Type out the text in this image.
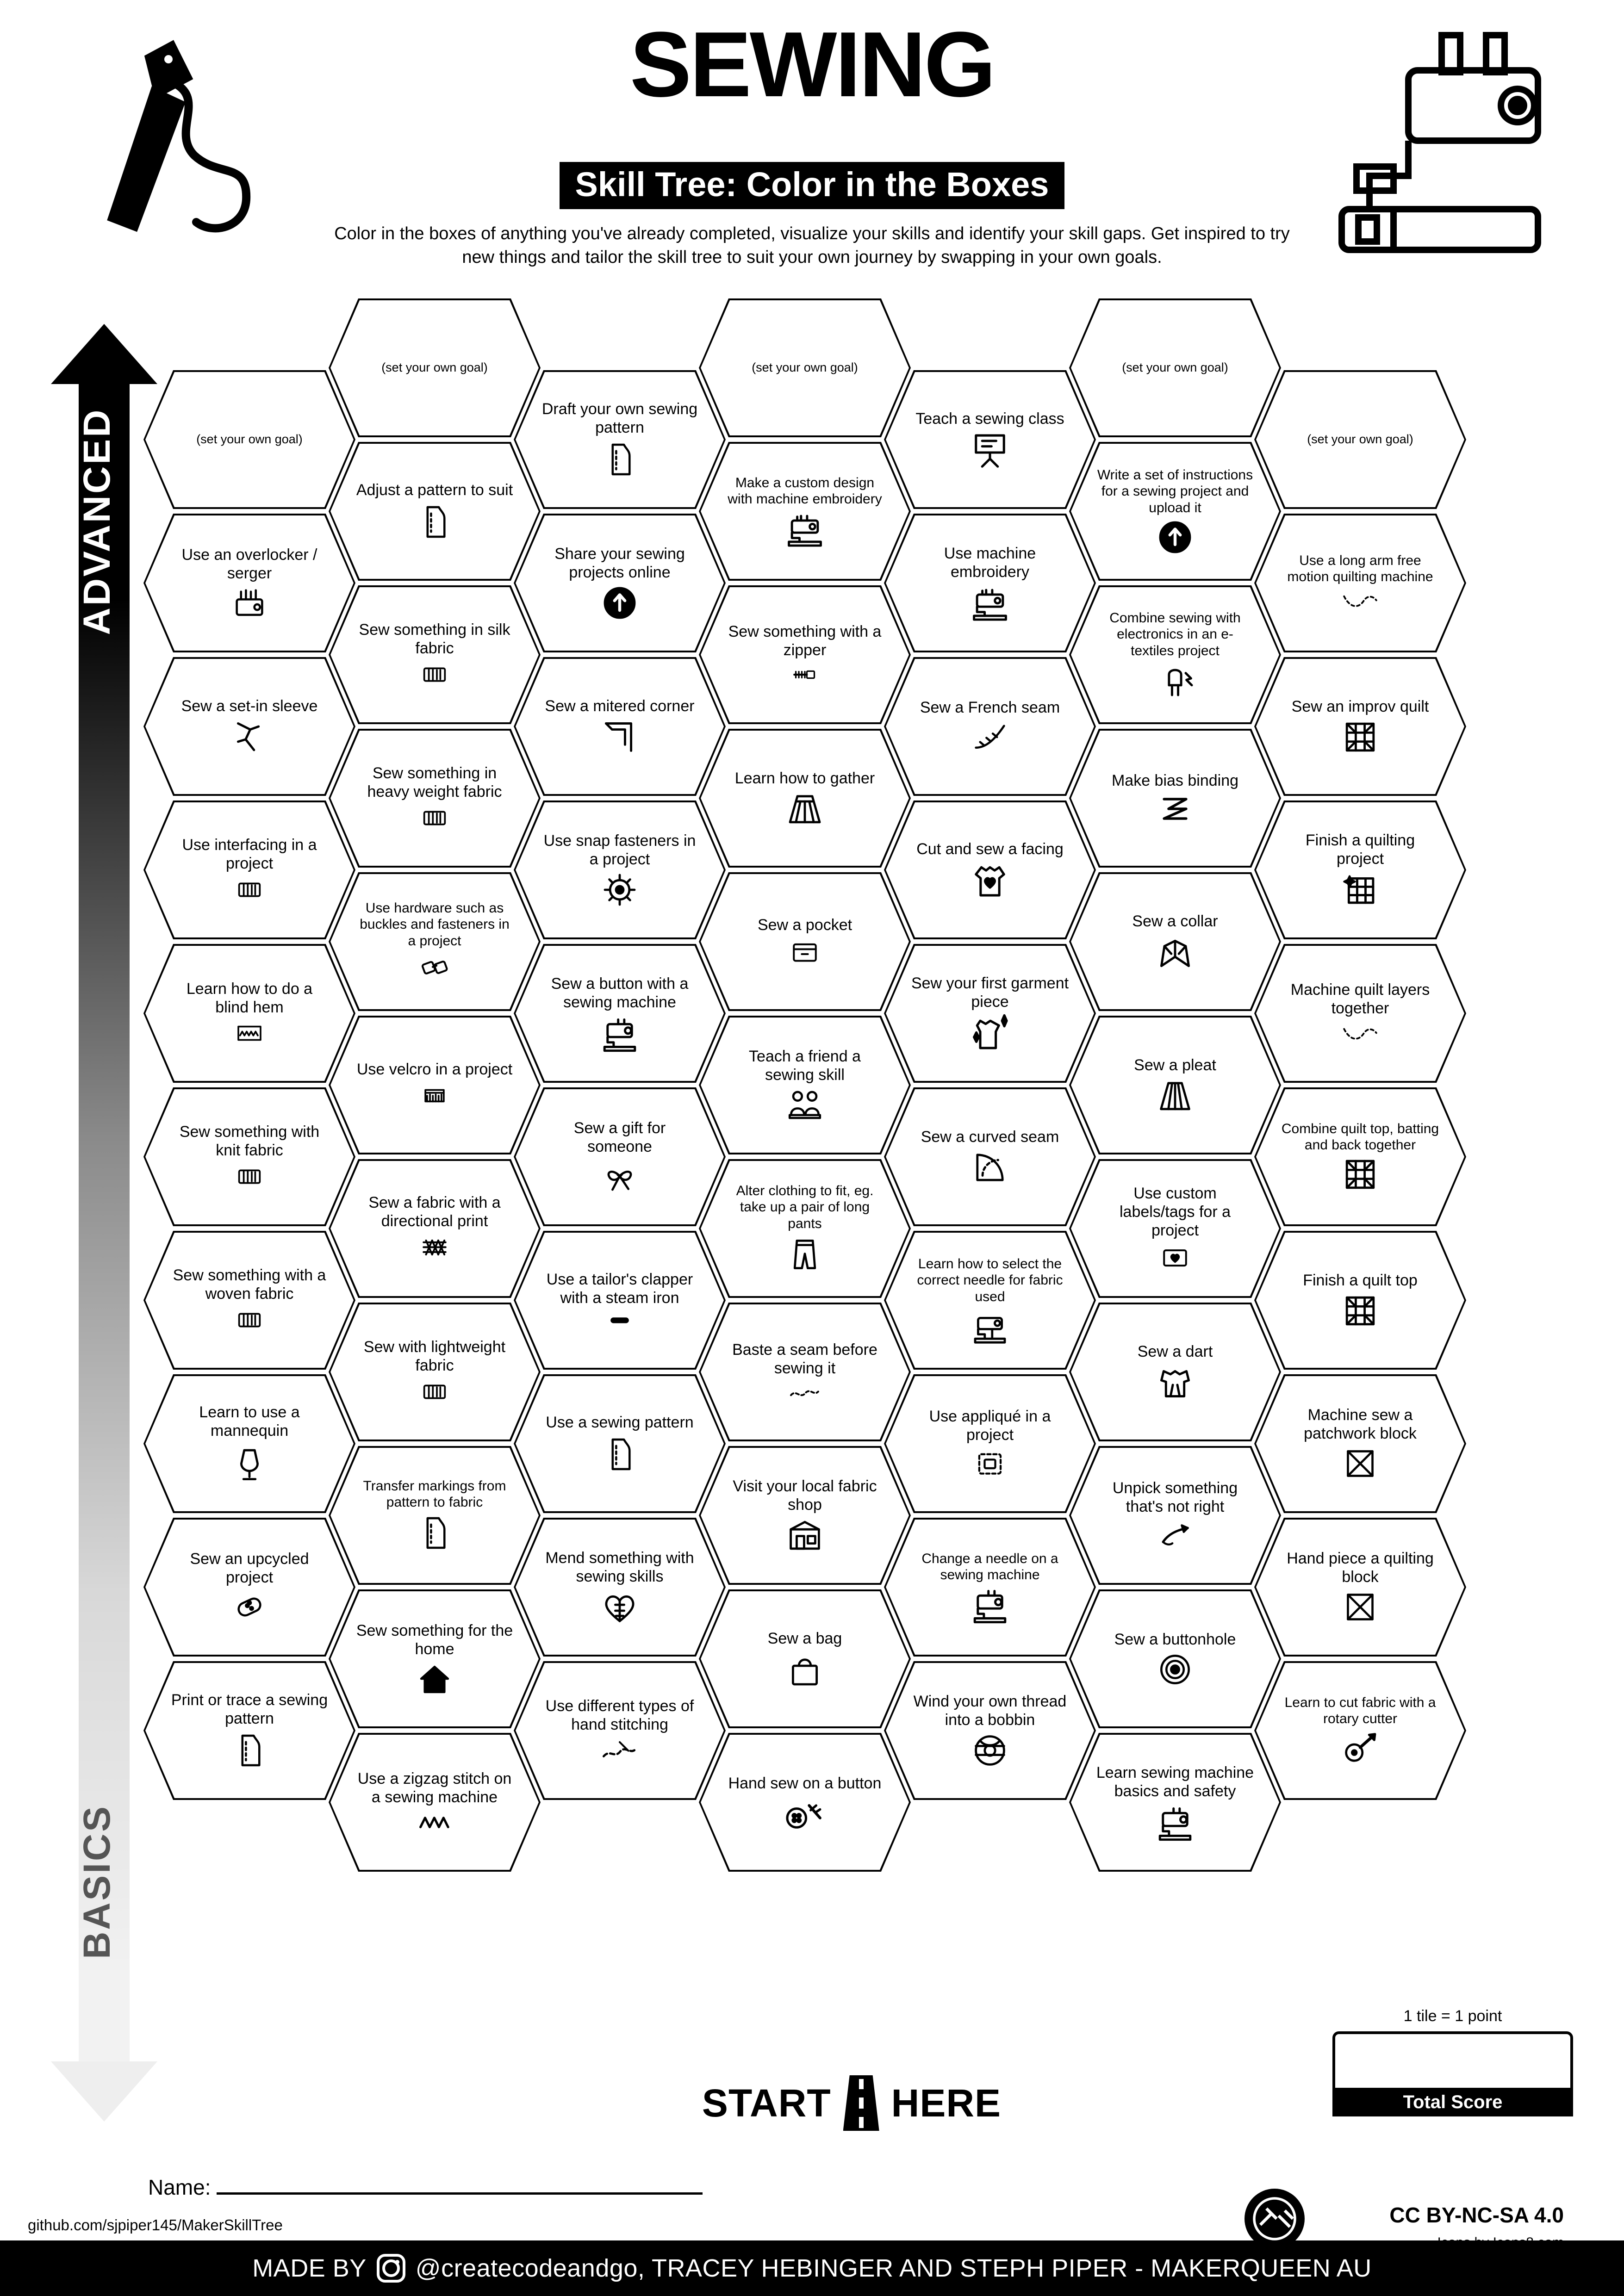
SEWING
Skill Tree: Color in the Boxes
Color in the boxes of anything you've already completed, visualize your skills and identify your skill gaps. Get inspired to try new things and tailor the skill tree to suit your own journey by swapping in your own goals.
ADVANCED
BASICS
(set your own goal)
Use an overlocker / serger
Sew a set-in sleeve
Use interfacing in a project
Learn how to do a blind hem
Sew something with knit fabric
Sew something with a woven fabric
Learn to use a mannequin
Sew an upcycled project
Print or trace a sewing pattern
(set your own goal)
Adjust a pattern to suit
Sew something in silk fabric
Sew something in heavy weight fabric
Use hardware such as buckles and fasteners in a project
Use velcro in a project
Sew a fabric with a directional print
Sew with lightweight fabric
Transfer markings from pattern to fabric
Sew something for the home
Use a zigzag stitch on a sewing machine
Draft your own sewing pattern
Share your sewing projects online
Sew a mitered corner
Use snap fasteners in a project
Sew a button with a sewing machine
Sew a gift for someone
Use a tailor's clapper with a steam iron
Use a sewing pattern
Mend something with sewing skills
Use different types of hand stitching
(set your own goal)
Make a custom design with machine embroidery
Sew something with a zipper
Learn how to gather
Sew a pocket
Teach a friend a sewing skill
Alter clothing to fit, eg. take up a pair of long pants
Baste a seam before sewing it
Visit your local fabric shop
Sew a bag
Hand sew on a button
Teach a sewing class
Use machine embroidery
Sew a French seam
Cut and sew a facing
Sew your first garment piece
Sew a curved seam
Learn how to select the correct needle for fabric used
Use appliqué in a project
Change a needle on a sewing machine
Wind your own thread into a bobbin
(set your own goal)
Write a set of instructions for a sewing project and upload it
Combine sewing with electronics in an e-textiles project
Make bias binding
Sew a collar
Sew a pleat
Use custom labels/tags for a project
Sew a dart
Unpick something that's not right
Sew a buttonhole
Learn sewing machine basics and safety
(set your own goal)
Use a long arm free motion quilting machine
Sew an improv quilt
Finish a quilting project
Machine quilt layers together
Combine quilt top, batting and back together
Finish a quilt top
Machine sew a patchwork block
Hand piece a quilting block
Learn to cut fabric with a rotary cutter
START HERE
1 tile = 1 point
Total Score
Name:
github.com/sjpiper145/MakerSkillTree	CC BY-NC-SA 4.0
MADE BY @createcodeandgo, TRACEY HEBINGER AND STEPH PIPER - MAKERQUEEN AU
